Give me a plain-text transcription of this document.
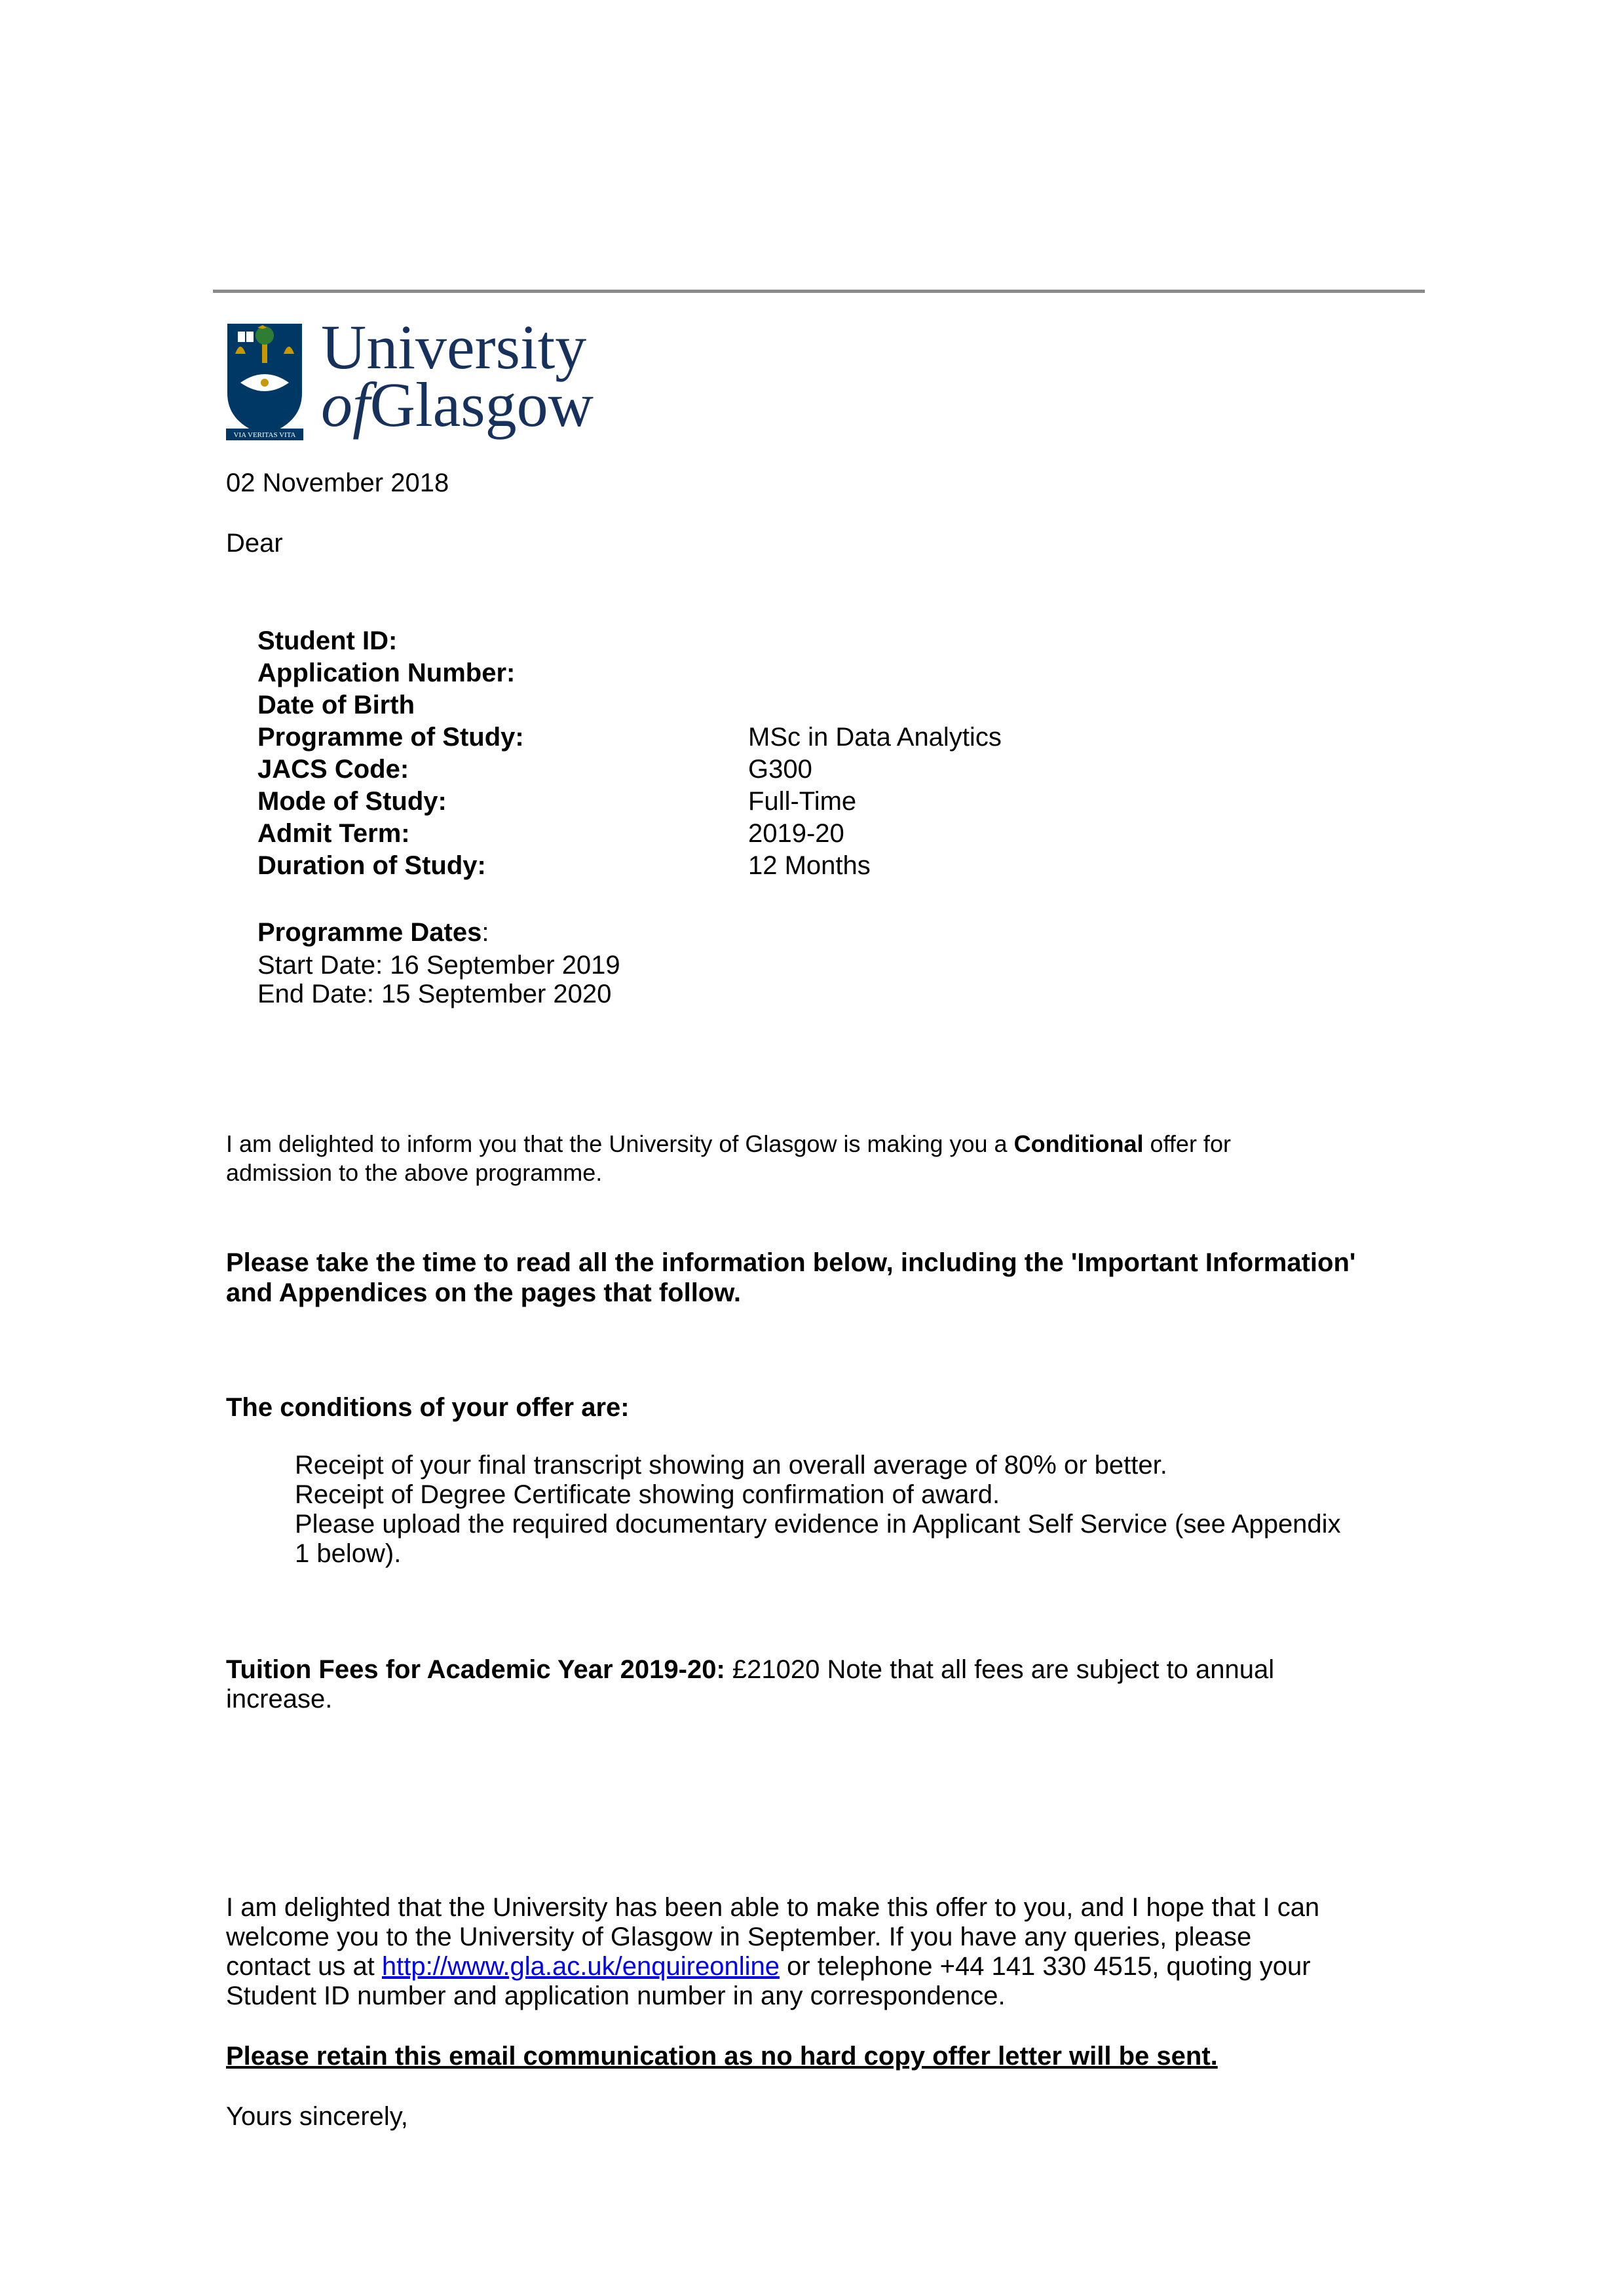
VIA VERITAS VITA
University
ofGlasgow
02 November 2018
Dear
Student ID:
Application Number:
Date of Birth
Programme of Study:	MSc in Data Analytics
JACS Code:	G300
Mode of Study:	Full-Time
Admit Term:	2019-20
Duration of Study:	12 Months
Programme Dates:
Start Date: 16 September 2019
End Date: 15 September 2020
I am delighted to inform you that the University of Glasgow is making you a Conditional offer for
admission to the above programme.
Please take the time to read all the information below, including the 'Important Information'
and Appendices on the pages that follow.
The conditions of your offer are:
Receipt of your final transcript showing an overall average of 80% or better.
Receipt of Degree Certificate showing confirmation of award.
Please upload the required documentary evidence in Applicant Self Service (see Appendix
1 below).
Tuition Fees for Academic Year 2019-20: £21020 Note that all fees are subject to annual
increase.
I am delighted that the University has been able to make this offer to you, and I hope that I can
welcome you to the University of Glasgow in September. If you have any queries, please
contact us at http://www.gla.ac.uk/enquireonline or telephone +44 141 330 4515, quoting your
Student ID number and application number in any correspondence.
Please retain this email communication as no hard copy offer letter will be sent.
Yours sincerely,
